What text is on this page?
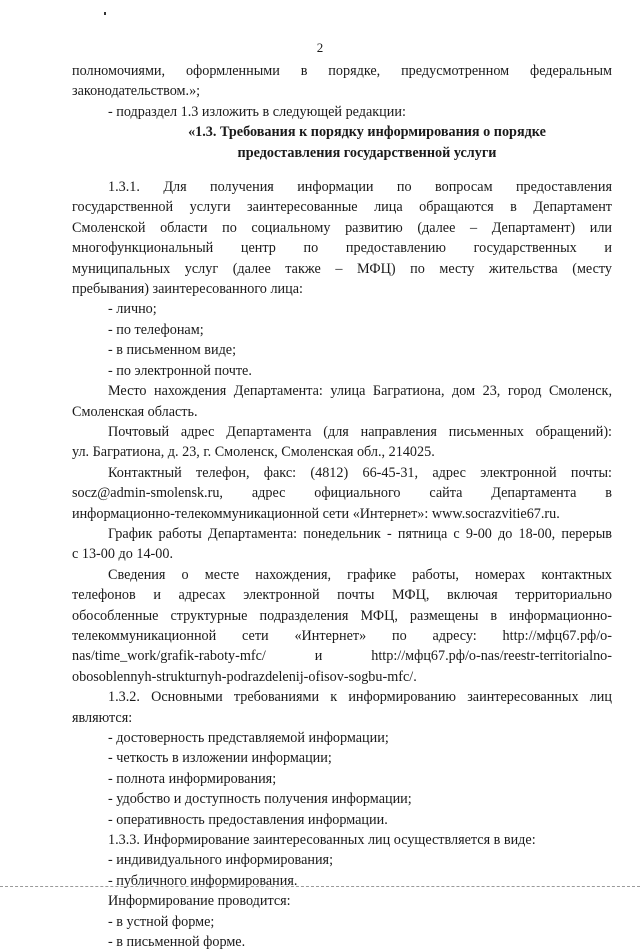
2

полномочиями, оформленными в порядке, предусмотренном федеральным

законодательством.»;

- подраздел 1.3 изложить в следующей редакции:

«1.3. Требования к порядку информирования о порядке

предоставления государственной услуги

1.3.1. Для получения информации по вопросам предоставления

государственной услуги заинтересованные лица обращаются в Департамент

Смоленской области по социальному развитию (далее – Департамент) или

многофункциональный центр по предоставлению государственных и

муниципальных услуг (далее также – МФЦ) по месту жительства (месту

пребывания) заинтересованного лица:

- лично;

- по телефонам;

- в письменном виде;

- по электронной почте.

Место нахождения Департамента: улица Багратиона, дом 23, город Смоленск,

Смоленская область.

Почтовый адрес Департамента (для направления письменных обращений):

ул. Багратиона, д. 23, г. Смоленск, Смоленская обл., 214025.

Контактный телефон, факс: (4812) 66-45-31, адрес электронной почты:

socz@admin-smolensk.ru, адрес официального сайта Департамента в

информационно-телекоммуникационной сети «Интернет»: www.socrazvitie67.ru.

График работы Департамента: понедельник - пятница с 9-00 до 18-00, перерыв

с 13-00 до 14-00.

Сведения о месте нахождения, графике работы, номерах контактных

телефонов и адресах электронной почты МФЦ, включая территориально

обособленные структурные подразделения МФЦ, размещены в информационно-

телекоммуникационной сети «Интернет» по адресу: http://мфц67.рф/о-

nas/time_work/grafik-raboty-mfc/ и http://мфц67.рф/о-nas/reestr-territorialno-

obosoblennyh-strukturnyh-podrazdelenij-ofisov-sogbu-mfc/.

1.3.2. Основными требованиями к информированию заинтересованных лиц

являются:

- достоверность представляемой информации;

- четкость в изложении информации;

- полнота информирования;

- удобство и доступность получения информации;

- оперативность предоставления информации.

1.3.3. Информирование заинтересованных лиц осуществляется в виде:

- индивидуального информирования;

- публичного информирования.

Информирование проводится:

- в устной форме;

- в письменной форме.
